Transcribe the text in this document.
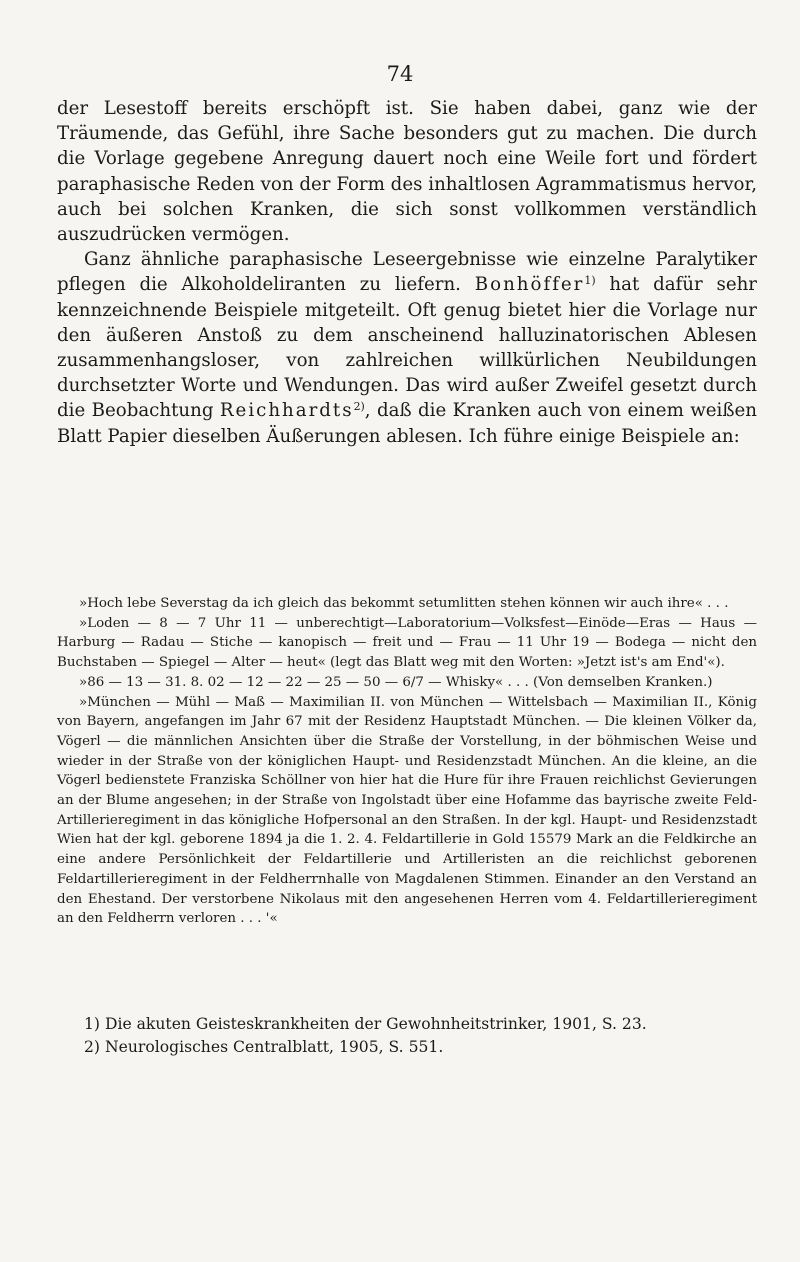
74

der Lesestoff bereits erschöpft ist. Sie haben dabei, ganz wie der Träumende, das Gefühl, ihre Sache besonders gut zu machen. Die durch die Vorlage gegebene Anregung dauert noch eine Weile fort und fördert paraphasische Reden von der Form des inhaltlosen Agrammatismus hervor, auch bei solchen Kranken, die sich sonst vollkommen verständlich auszudrücken vermögen.

Ganz ähnliche paraphasische Leseergebnisse wie einzelne Paralytiker pflegen die Alkoholdeliranten zu liefern. Bonhöffer$^{1)}$ hat dafür sehr kennzeichnende Beispiele mitgeteilt. Oft genug bietet hier die Vorlage nur den äußeren Anstoß zu dem anscheinend halluzinatorischen Ablesen zusammenhangsloser, von zahlreichen willkürlichen Neubildungen durchsetzter Worte und Wendungen. Das wird außer Zweifel gesetzt durch die Beobachtung Reichhardts$^{2)}$, daß die Kranken auch von einem weißen Blatt Papier dieselben Äußerungen ablesen. Ich führe einige Beispiele an:

»Hoch lebe Severstag da ich gleich das bekommt setumlitten stehen können wir auch ihre« . . .

»Loden — 8 — 7 Uhr 11 — unberechtigt—Laboratorium—Volksfest—Einöde—Eras — Haus — Harburg — Radau — Stiche — kanopisch — freit und — Frau — 11 Uhr 19 — Bodega — nicht den Buchstaben — Spiegel — Alter — heut« (legt das Blatt weg mit den Worten: »Jetzt ist's am End'«).

»86 — 13 — 31. 8. 02 — 12 — 22 — 25 — 50 — 6/7 — Whisky« . . . (Von demselben Kranken.)

»München — Mühl — Maß — Maximilian II. von München — Wittelsbach — Maximilian II., König von Bayern, angefangen im Jahr 67 mit der Residenz Hauptstadt München. — Die kleinen Völker da, Vögerl — die männlichen Ansichten über die Straße der Vorstellung, in der böhmischen Weise und wieder in der Straße von der königlichen Haupt- und Residenzstadt München. An die kleine, an die Vögerl bedienstete Franziska Schöllner von hier hat die Hure für ihre Frauen reichlichst Gevierungen an der Blume angesehen; in der Straße von Ingolstadt über eine Hofamme das bayrische zweite Feld-Artillerieregiment in das königliche Hofpersonal an den Straßen. In der kgl. Haupt- und Residenzstadt Wien hat der kgl. geborene 1894 ja die 1. 2. 4. Feldartillerie in Gold 15579 Mark an die Feldkirche an eine andere Persönlichkeit der Feldartillerie und Artilleristen an die reichlichst geborenen Feldartillerieregiment in der Feldherrnhalle von Magdalenen Stimmen. Einander an den Verstand an den Ehestand. Der verstorbene Nikolaus mit den angesehenen Herren vom 4. Feldartillerieregiment an den Feldherrn verloren . . . '«

1) Die akuten Geisteskrankheiten der Gewohnheitstrinker, 1901, S. 23.

2) Neurologisches Centralblatt, 1905, S. 551.
